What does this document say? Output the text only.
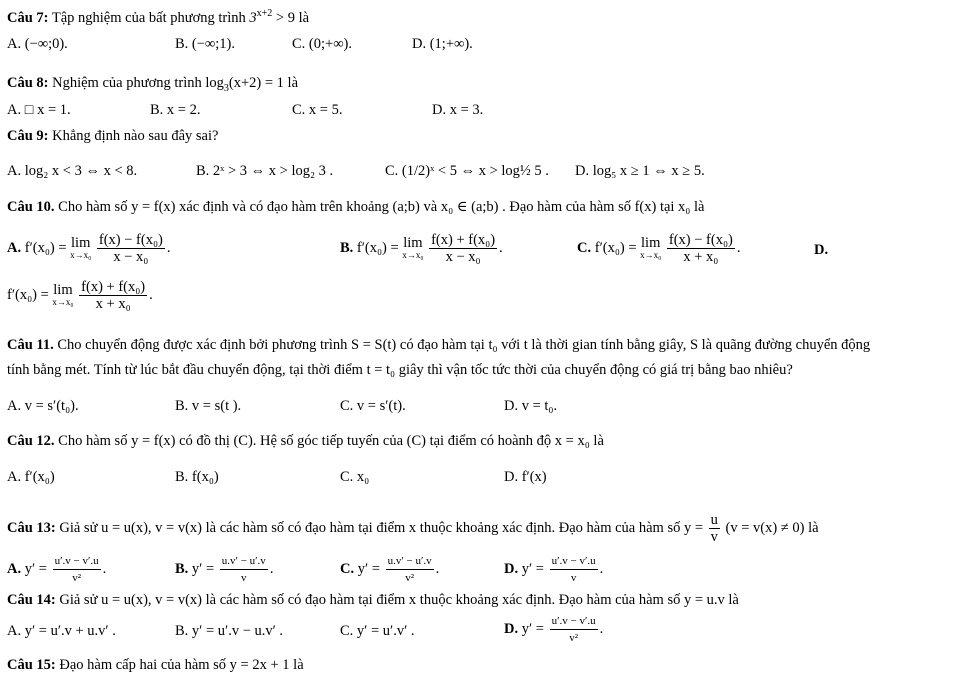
Câu 7: Tập nghiệm của bất phương trình $3^{x+2} > 9$ là
A. (−∞;0).	B. (−∞;1).	C. (0;+∞).	D. (1;+∞).
Câu 8: Nghiệm của phương trình $\log_3(x+2) = 1$ là
A. □ x = 1.	B. x = 2.	C. x = 5.	D. x = 3.
Câu 9: Khẳng định nào sau đây sai?
A. log₂ x < 3 ⇔ x < 8.	B. 2ˣ > 3 ⇔ x > log₂ 3 .	C. (1/2)ˣ < 5 ⇔ x > log½ 5 . D. log₅ x ≥ 1 ⇔ x ≥ 5.
Câu 10. Cho hàm số y = f(x) xác định và có đạo hàm trên khoảng (a;b) và x₀ ∈ (a;b) . Đạo hàm của hàm số f(x) tại x₀ là
A. f′(x₀) = lim
x→x₀
$\frac{\text{f(x) − f(x₀)}}{\text{x − x₀}}$ .	B. f′(x₀) = lim
x→x₀
$\frac{\text{f(x) + f(x₀)}}{\text{x − x₀}}$ .	C. f′(x₀) = lim
x→x₀
$\frac{\text{f(x) − f(x₀)}}{\text{x + x₀}}$ .	D.
f′(x₀) = lim
x→x₀
$\frac{\text{f(x) + f(x₀)}}{\text{x + x₀}}$ .
Câu 11. Cho chuyển động được xác định bởi phương trình S = S(t) có đạo hàm tại t₀ với t là thời gian tính bằng giây, S là quãng đường chuyển động
tính bằng mét. Tính từ lúc bắt đầu chuyển động, tại thời điểm t = t₀ giây thì vận tốc tức thời của chuyển động có giá trị bằng bao nhiêu?
A. v = s′(t₀).	B. v = s(t ).	C. v = s′(t).	D. v = t₀.
Câu 12. Cho hàm số y = f(x) có đồ thị (C). Hệ số góc tiếp tuyến của (C) tại điểm có hoành độ x = x₀ là
A. f′(x₀)	B. f(x₀)	C. x₀	D. f′(x)
Câu 13: Giả sử u = u(x), v = v(x) là các hàm số có đạo hàm tại điểm x thuộc khoảng xác định. Đạo hàm của hàm số $y = \frac{u}{v} (v = v(x) \ne 0)$ là
A. $y' = \frac{u'.v - v'.u}{\text{v²}}$ .	B. $y' = \frac{u.v' - u'.v}{v}$ .	C. $y' = \frac{u.v' - u'.v}{\text{v²}}$ .	D. $y' = \frac{u'.v - v'.u}{v}$ .
Câu 14: Giả sử u = u(x), v = v(x) là các hàm số có đạo hàm tại điểm x thuộc khoảng xác định. Đạo hàm của hàm số y = u.v là
A. y′ = u′.v + u.v′ .	B. y′ = u′.v − u.v′ .	C. y′ = u′.v′ .	D. $y' = \frac{u'.v - v'.u}{\text{v²}}$ .
Câu 15: Đạo hàm cấp hai của hàm số y = 2x + 1 là
